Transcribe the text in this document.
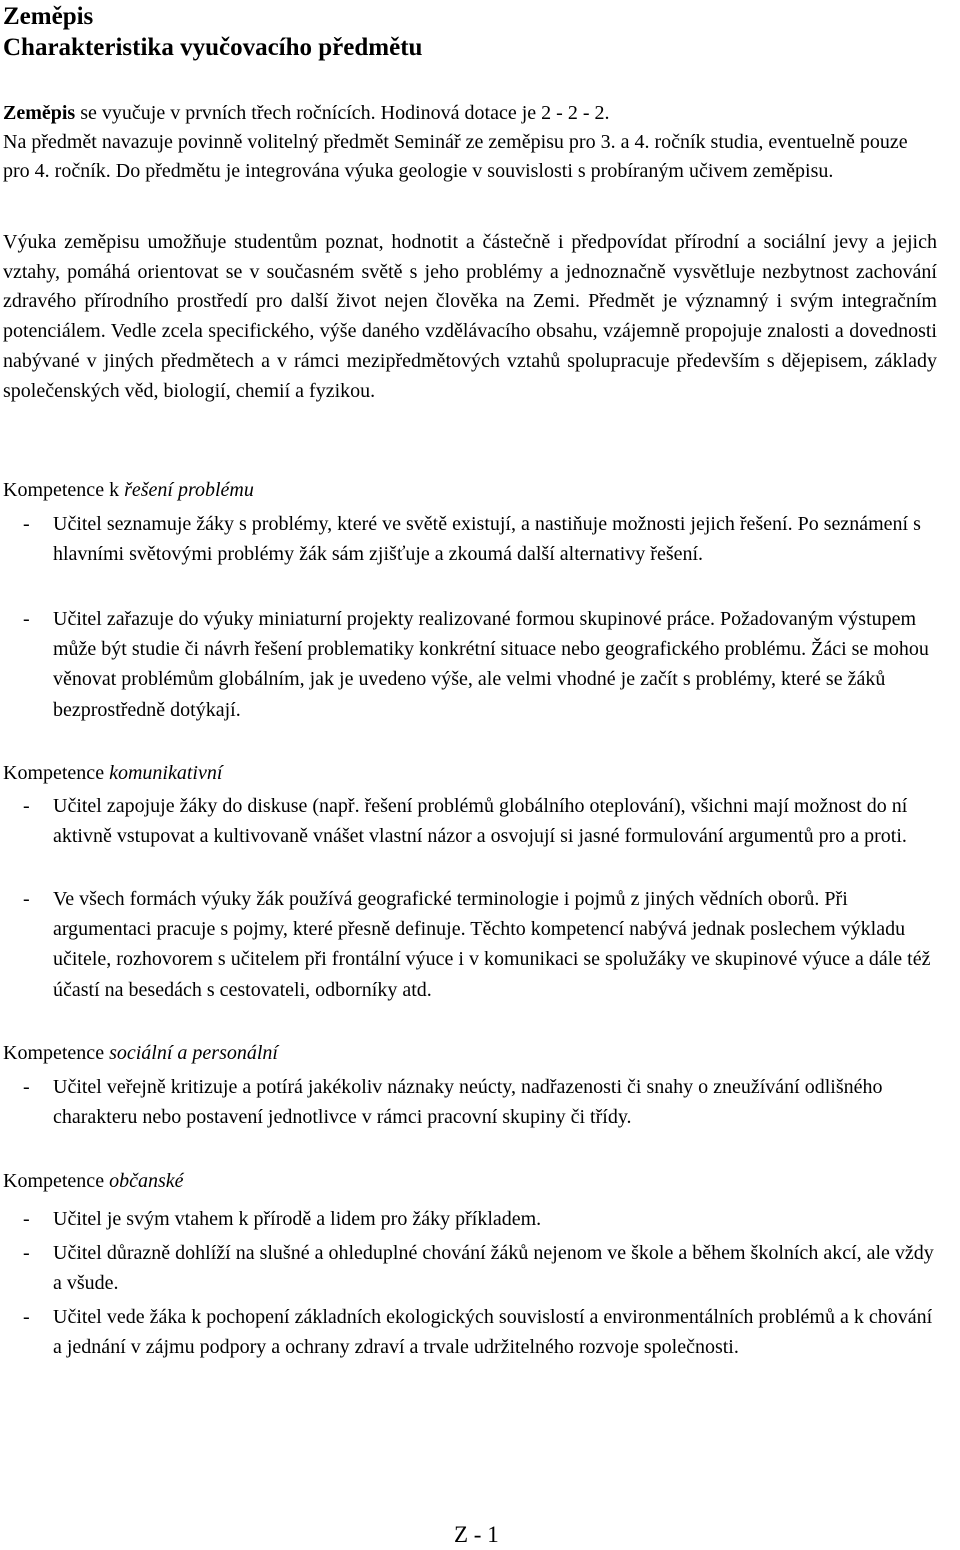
Zeměpis
Charakteristika vyučovacího předmětu

Zeměpis se vyučuje v prvních třech ročnících. Hodinová dotace je 2 - 2 - 2.

Na předmět navazuje povinně volitelný předmět Seminář ze zeměpisu pro 3. a 4. ročník studia, eventuelně pouze pro 4. ročník. Do předmětu je integrována výuka geologie v souvislosti s probíraným učivem zeměpisu.

Výuka zeměpisu umožňuje studentům poznat, hodnotit a částečně i předpovídat přírodní a sociální jevy a jejich vztahy, pomáhá orientovat se v současném světě s jeho problémy a jednoznačně vysvětluje nezbytnost zachování zdravého přírodního prostředí pro další život nejen člověka na Zemi. Předmět je významný i svým integračním potenciálem. Vedle zcela specifického, výše daného vzdělávacího obsahu, vzájemně propojuje znalosti a dovednosti nabývané v jiných předmětech a v rámci mezipředmětových vztahů spolupracuje především s dějepisem, základy společenských věd, biologií, chemií a fyzikou.
Kompetence k řešení problému
- Učitel seznamuje žáky s problémy, které ve světě existují, a nastiňuje možnosti jejich řešení. Po seznámení s hlavními světovými problémy žák sám zjišťuje a zkoumá další alternativy řešení.
- Učitel zařazuje do výuky miniaturní projekty realizované formou skupinové práce. Požadovaným výstupem může být studie či návrh řešení problematiky konkrétní situace nebo geografického problému. Žáci se mohou věnovat problémům globálním, jak je uvedeno výše, ale velmi vhodné je začít s problémy, které se žáků bezprostředně dotýkají.
Kompetence komunikativní
- Učitel zapojuje žáky do diskuse (např. řešení problémů globálního oteplování), všichni mají možnost do ní aktivně vstupovat a kultivovaně vnášet vlastní názor a osvojují si jasné formulování argumentů pro a proti.
- Ve všech formách výuky žák používá geografické terminologie i pojmů z jiných vědních oborů. Při argumentaci pracuje s pojmy, které přesně definuje. Těchto kompetencí nabývá jednak poslechem výkladu učitele, rozhovorem s učitelem při frontální výuce i v komunikaci se spolužáky ve skupinové výuce a dále též účastí na besedách s cestovateli, odborníky atd.
Kompetence sociální a personální
- Učitel veřejně kritizuje a potírá jakékoliv náznaky neúcty, nadřazenosti či snahy o zneužívání odlišného charakteru nebo postavení jednotlivce v rámci pracovní skupiny či třídy.
Kompetence občanské
- Učitel je svým vtahem k přírodě a lidem pro žáky příkladem.
- Učitel důrazně dohlíží na slušné a ohleduplné chování žáků nejenom ve škole a během školních akcí, ale vždy a všude.
- Učitel vede žáka k pochopení základních ekologických souvislostí a environmentálních problémů a k chování a jednání v zájmu podpory a ochrany zdraví a trvale udržitelného rozvoje společnosti.
Z - 1
